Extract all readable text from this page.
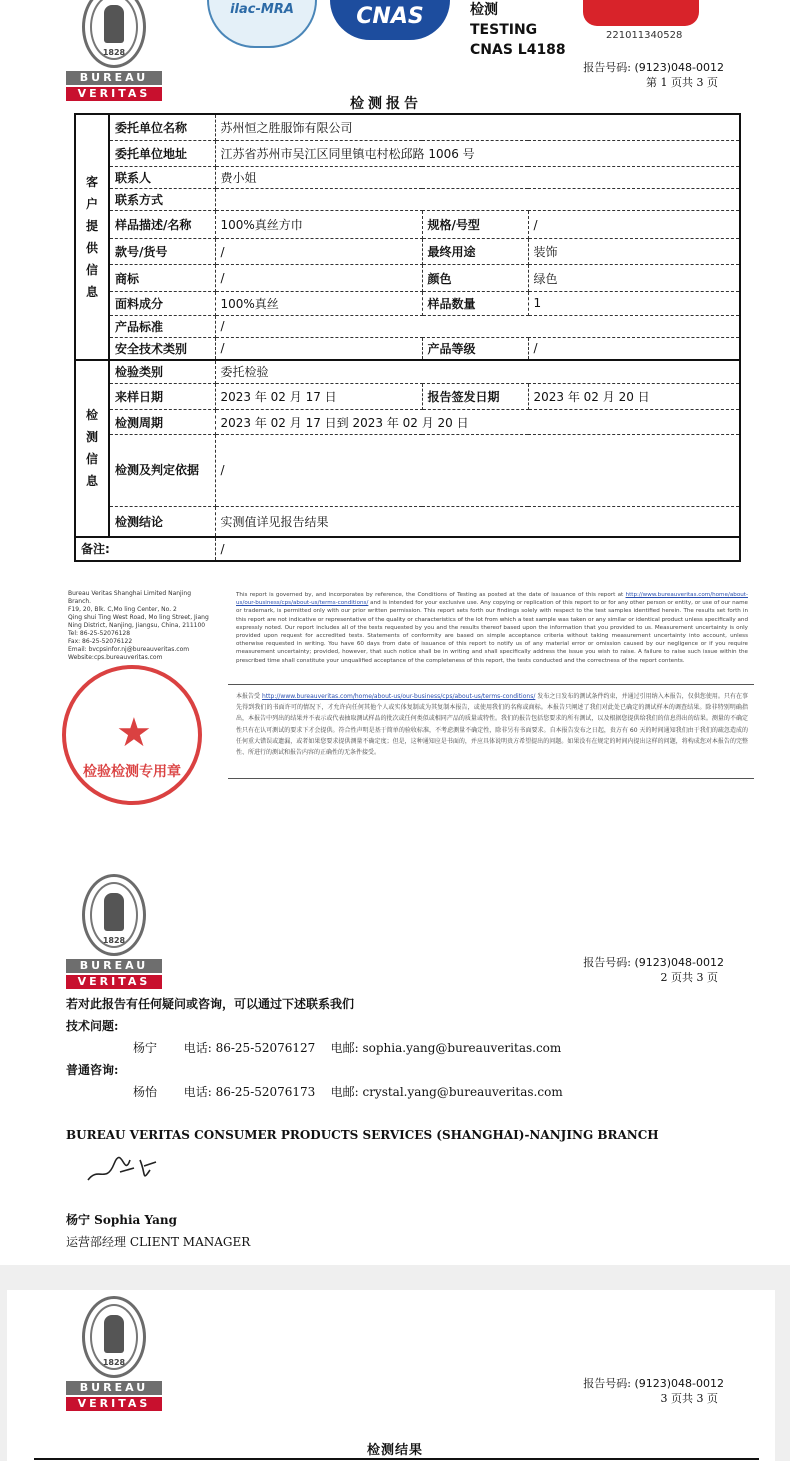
1828
BUREAU
VERITAS
ilac-MRA	CNAS	检测
TESTING
CNAS L4188
221011340528
报告号码: (9123)048-0012
第 1 页共 3 页
检测报告
客户提供信息	委托单位名称	苏州恒之胜服饰有限公司		
	委托单位地址	江苏省苏州市吴江区同里镇屯村松邱路 1006 号		
	联系人	费小姐		
	联系方式			
	样品描述/名称	100%真丝方巾	规格/号型	/
	款号/货号	/	最终用途	装饰
	商标	/	颜色	绿色
	面料成分	100%真丝	样品数量	1
	产品标准	/		
	安全技术类别	/	产品等级	/
检测信息	检验类别	委托检验		
	来样日期	2023 年 02 月 17 日	报告签发日期	2023 年 02 月 20 日
	检测周期	2023 年 02 月 17 日到 2023 年 02 月 20 日		
	检测及判定依据	/		
	检测结论	实测值详见报告结果		
备注:		/		
Bureau Veritas Shanghai Limited Nanjing
Branch.
F19, 20, Blk. C,Mo ling Center, No. 2
Qing shui Ting West Road, Mo ling Street, Jiang
Ning District, Nanjing, Jiangsu, China, 211100
Tel: 86-25-52076128
Fax: 86-25-52076122
Email: bvcpsinfor.nj@bureauveritas.com
Website:cps.bureauveritas.com
★
检验检测专用章
This report is governed by, and incorporates by reference, the Conditions of Testing as posted at the date of issuance of this report at http://www.bureauveritas.com/home/about-us/our-business/cps/about-us/terms-conditions/ and is intended for your exclusive use. Any copying or replication of this report to or for any other person or entity, or use of our name or trademark, is permitted only with our prior written permission. This report sets forth our findings solely with respect to the test samples identified herein. The results set forth in this report are not indicative or representative of the quality or characteristics of the lot from which a test sample was taken or any similar or identical product unless specifically and expressly noted. Our report includes all of the tests requested by you and the results thereof based upon the information that you provided to us. Measurement uncertainty is only provided upon request for accredited tests. Statements of conformity are based on simple acceptance criteria without taking measurement uncertainty into account, unless otherwise requested in writing. You have 60 days from date of issuance of this report to notify us of any material error or omission caused by our negligence or if you require measurement uncertainty; provided, however, that such notice shall be in writing and shall specifically address the issue you wish to raise. A failure to raise such issue within the prescribed time shall constitute your unqualified acceptance of the completeness of this report, the tests conducted and the correctness of the report contents.
本报告受 http://www.bureauveritas.com/home/about-us/our-business/cps/about-us/terms-conditions/ 发布之日发布的测试条件约束，并通过引用纳入本报告，仅供您使用。只有在事先得到我们的书面许可的情况下，才允许向任何其他个人或实体复制或为其复制本报告，或使用我们的名称或商标。本报告只阐述了我们对此处已确定的测试样本的调查结果。除非特别明确指出，本报告中列出的结果并不表示或代表抽取测试样品的批次或任何类似或相同产品的质量或特性。我们的报告包括您要求的所有测试，以及根据您提供给我们的信息得出的结果。测量的不确定性只有在认可测试的要求下才会提供。符合性声明是基于简单的验收标准，不考虑测量不确定性，除非另有书面要求。自本报告发布之日起，贵方有 60 天的时间通知我们由于我们的疏忽造成的任何重大错误或遗漏，或者如果您要求提供测量不确定度；但是，这种通知应是书面的，并应具体说明贵方希望提出的问题。如果没有在规定的时间内提出这样的问题，将构成您对本报告的完整性、所进行的测试和报告内容的正确性的无条件接受。
1828
BUREAU
VERITAS
报告号码: (9123)048-0012
2 页共 3 页
若对此报告有任何疑问或咨询，可以通过下述联系我们
技术问题:
杨宁 电话: 86-25-52076127 电邮: sophia.yang@bureauveritas.com
普通咨询:
杨怡 电话: 86-25-52076173 电邮: crystal.yang@bureauveritas.com
BUREAU VERITAS CONSUMER PRODUCTS SERVICES (SHANGHAI)-NANJING BRANCH
杨宁 Sophia Yang
运营部经理 CLIENT MANAGER
1828
BUREAU
VERITAS
报告号码: (9123)048-0012
3 页共 3 页
检测结果
